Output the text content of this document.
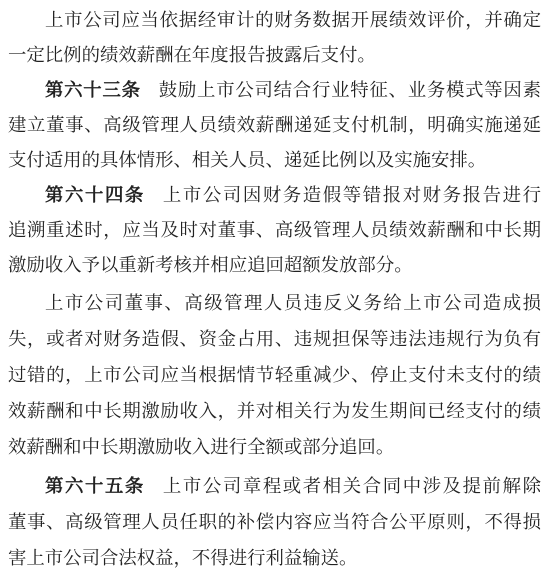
上市公司应当依据经审计的财务数据开展绩效评价，并确定
一定比例的绩效薪酬在年度报告披露后支付。
第六十三条 鼓励上市公司结合行业特征、业务模式等因素
建立董事、高级管理人员绩效薪酬递延支付机制，明确实施递延
支付适用的具体情形、相关人员、递延比例以及实施安排。
第六十四条 上市公司因财务造假等错报对财务报告进行
追溯重述时，应当及时对董事、高级管理人员绩效薪酬和中长期
激励收入予以重新考核并相应追回超额发放部分。
上市公司董事、高级管理人员违反义务给上市公司造成损
失，或者对财务造假、资金占用、违规担保等违法违规行为负有
过错的，上市公司应当根据情节轻重减少、停止支付未支付的绩
效薪酬和中长期激励收入，并对相关行为发生期间已经支付的绩
效薪酬和中长期激励收入进行全额或部分追回。
第六十五条 上市公司章程或者相关合同中涉及提前解除
董事、高级管理人员任职的补偿内容应当符合公平原则，不得损
害上市公司合法权益，不得进行利益输送。
